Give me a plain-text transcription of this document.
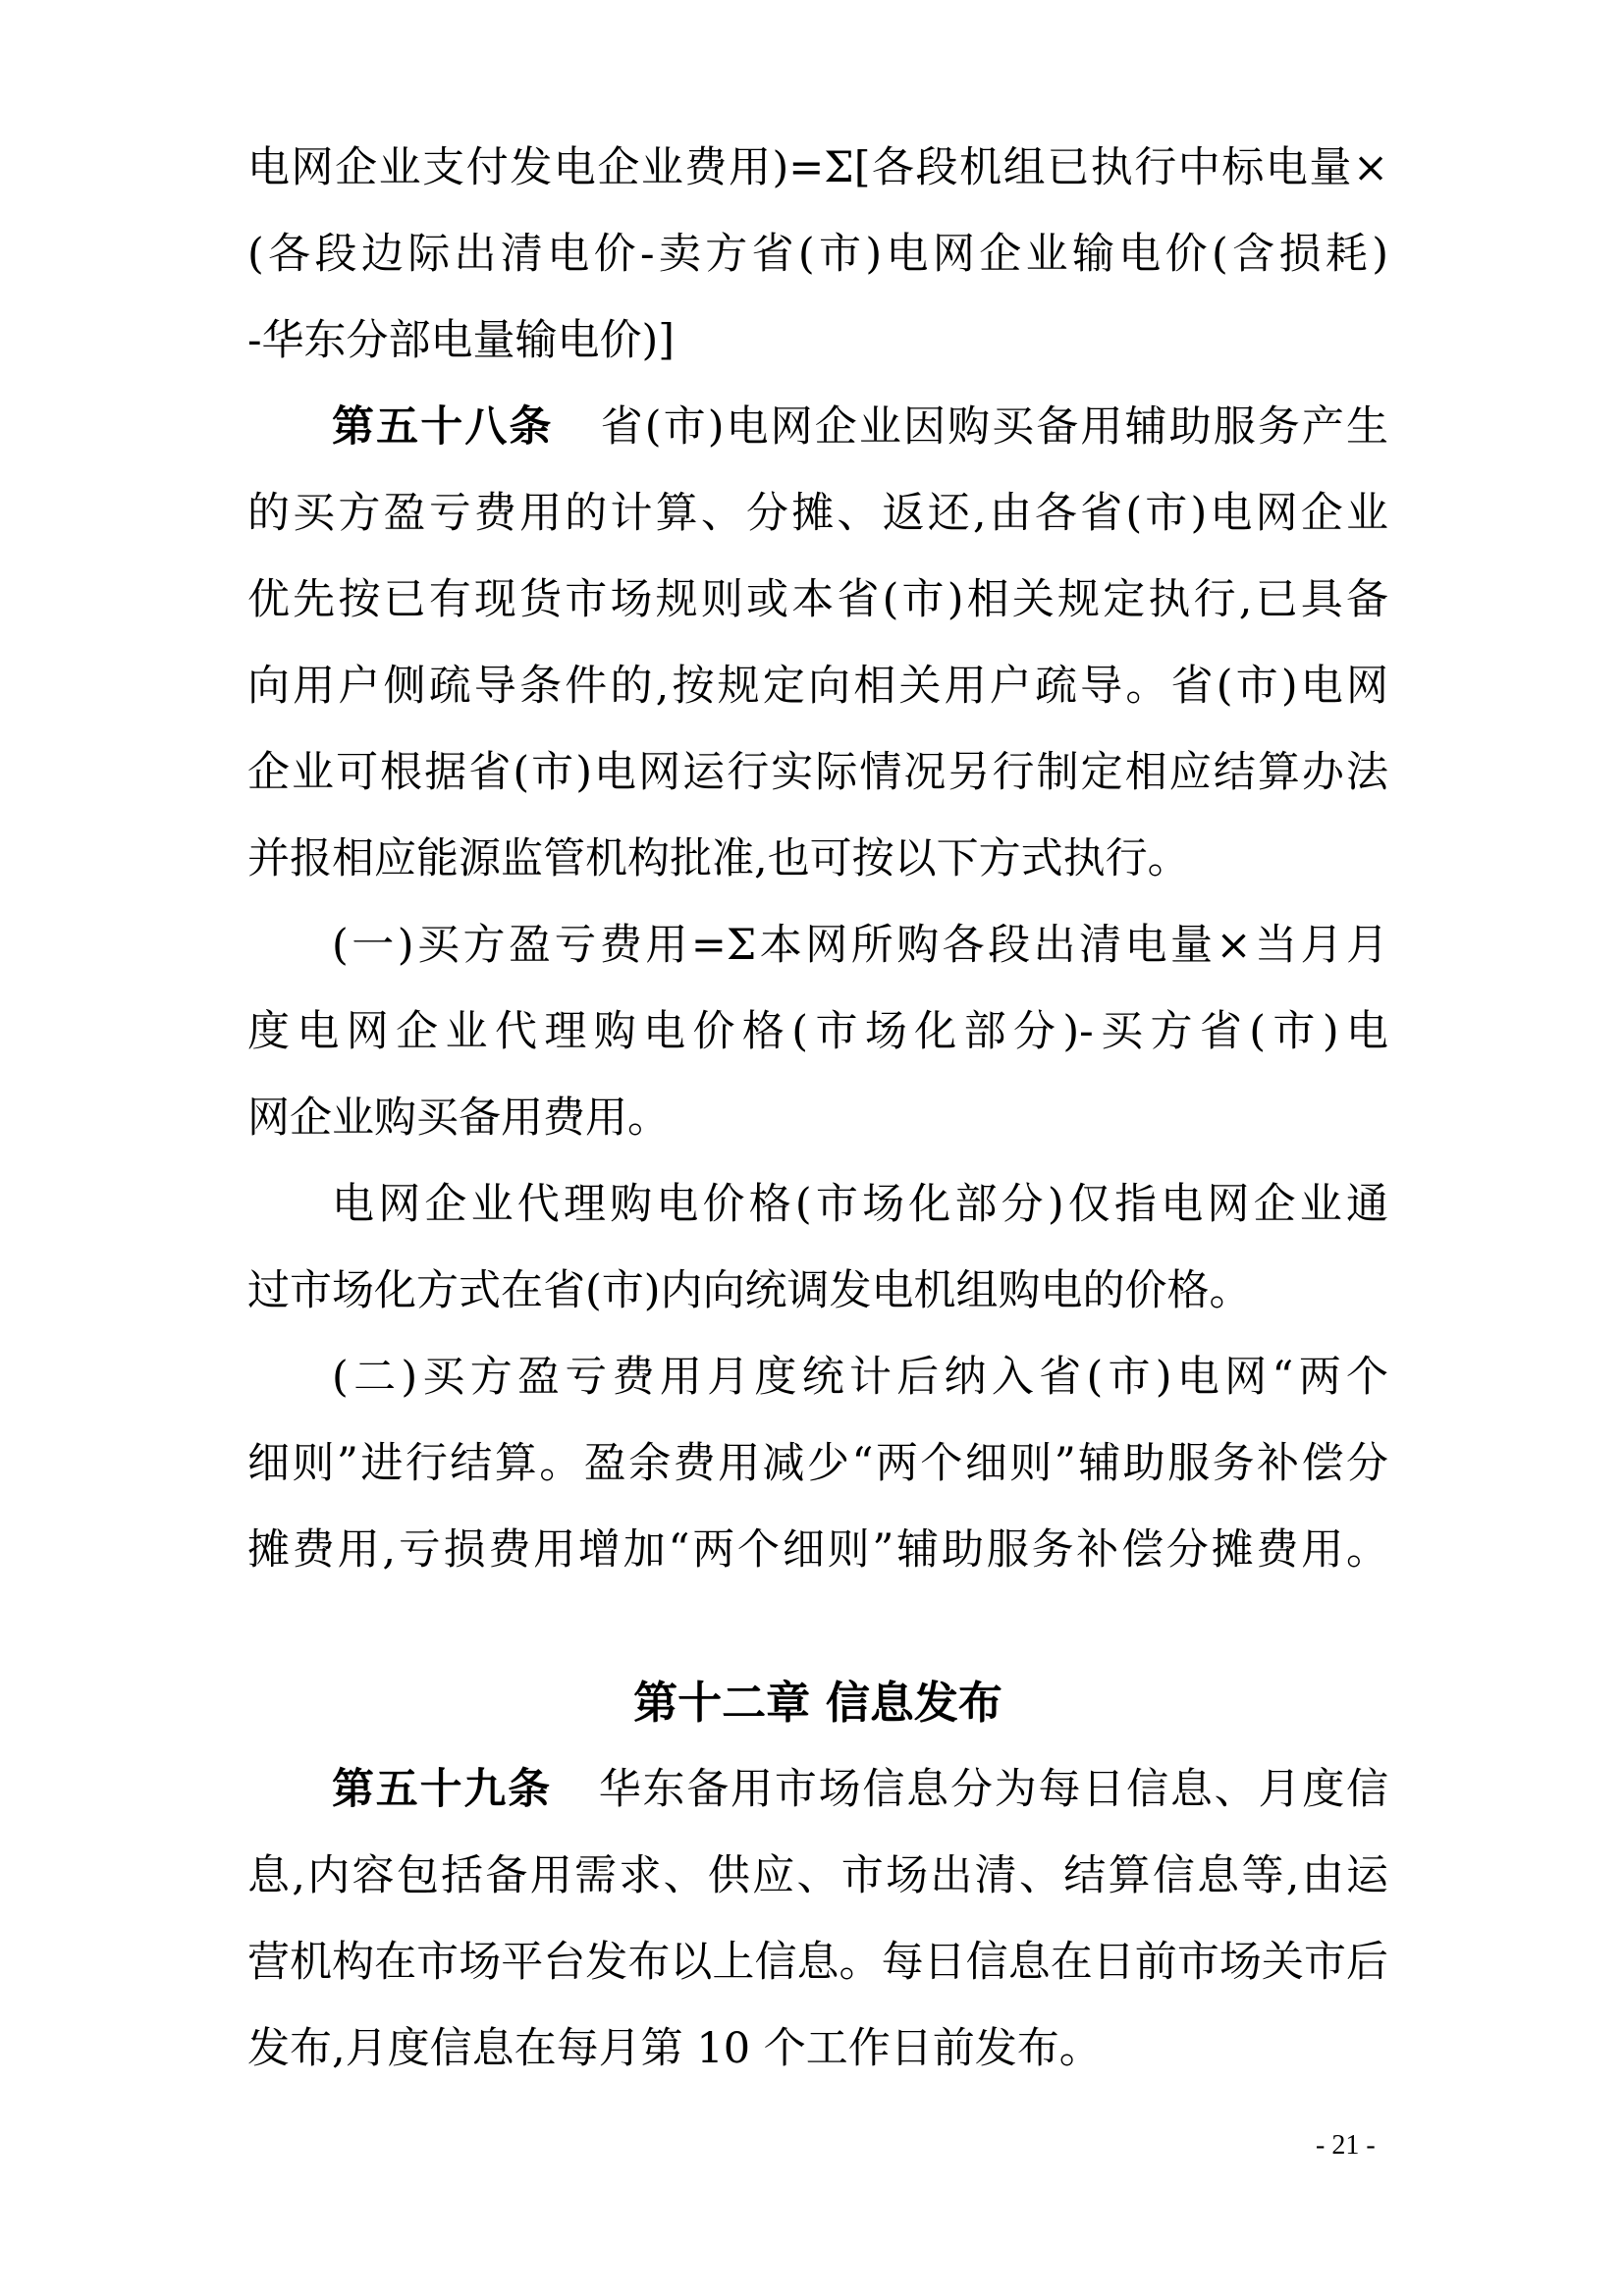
电网企业支付发电企业费用)=Σ[各段机组已执行中标电量×
(各段边际出清电价-卖方省(市)电网企业输电价(含损耗)
-华东分部电量输电价)]
第五十八条 省(市)电网企业因购买备用辅助服务产生
的买方盈亏费用的计算、分摊、返还,由各省(市)电网企业
优先按已有现货市场规则或本省(市)相关规定执行,已具备
向用户侧疏导条件的,按规定向相关用户疏导。省(市)电网
企业可根据省(市)电网运行实际情况另行制定相应结算办法
并报相应能源监管机构批准,也可按以下方式执行。
(一)买方盈亏费用=Σ本网所购各段出清电量×当月月
度电网企业代理购电价格(市场化部分)-买方省(市)电
网企业购买备用费用。
电网企业代理购电价格(市场化部分)仅指电网企业通
过市场化方式在省(市)内向统调发电机组购电的价格。
(二)买方盈亏费用月度统计后纳入省(市)电网“两个
细则”进行结算。盈余费用减少“两个细则”辅助服务补偿分
摊费用,亏损费用增加“两个细则”辅助服务补偿分摊费用。
第十二章 信息发布
第五十九条 华东备用市场信息分为每日信息、月度信
息,内容包括备用需求、供应、市场出清、结算信息等,由运
营机构在市场平台发布以上信息。每日信息在日前市场关市后
发布,月度信息在每月第 10 个工作日前发布。
- 21 -
